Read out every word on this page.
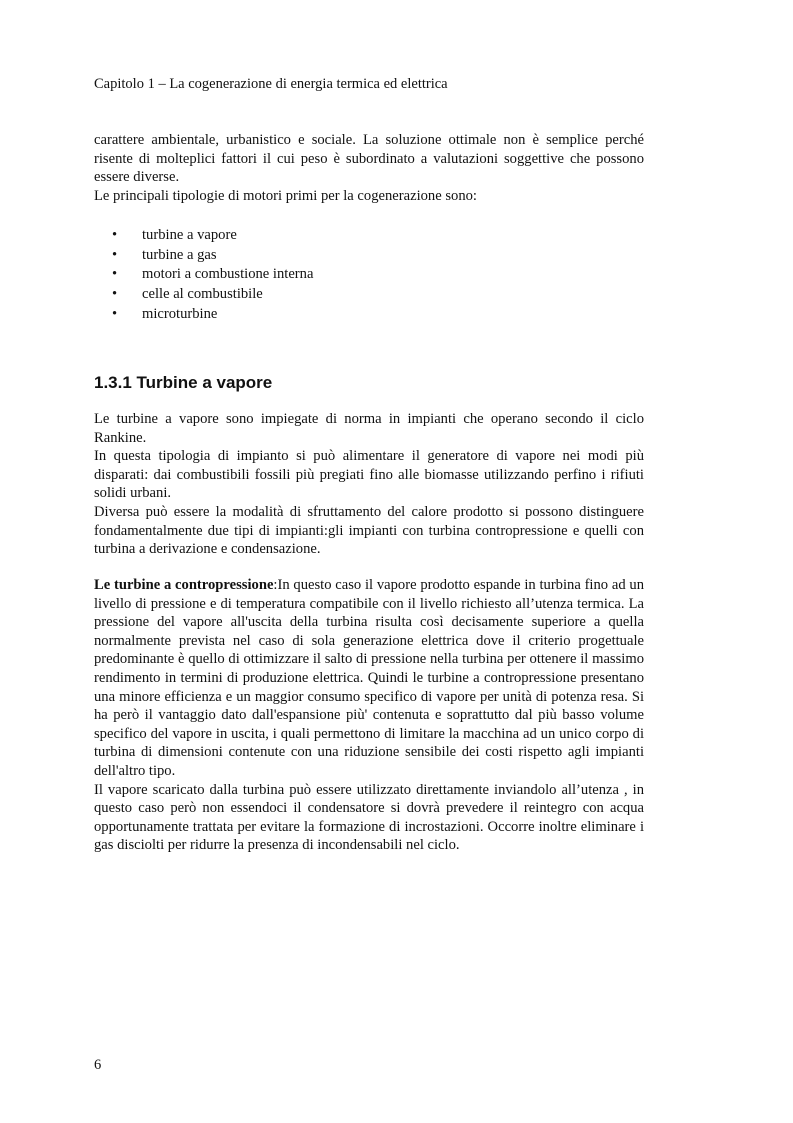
Capitolo 1 – La cogenerazione di energia termica ed elettrica

carattere ambientale, urbanistico e sociale. La soluzione ottimale non è semplice perché risente di molteplici fattori il cui peso è subordinato a valutazioni soggettive che possono essere diverse.

Le principali tipologie di motori primi per la cogenerazione sono:

• turbine a vapore
• turbine a gas
• motori a combustione interna
• celle al combustibile
• microturbine
1.3.1 Turbine a vapore

Le turbine a vapore sono impiegate di norma in impianti che operano secondo il ciclo Rankine.

In questa tipologia di impianto si può alimentare il generatore di vapore nei modi più disparati: dai combustibili fossili più pregiati fino alle biomasse utilizzando perfino i rifiuti solidi urbani.

Diversa può essere la modalità di sfruttamento del calore prodotto si possono distinguere fondamentalmente due tipi di impianti:gli impianti con turbina contropressione e quelli con turbina a derivazione e condensazione.

Le turbine a contropressione:In questo caso il vapore prodotto espande in turbina fino ad un livello di pressione e di temperatura compatibile con il livello richiesto all’utenza termica. La pressione del vapore all'uscita della turbina risulta così decisamente superiore a quella normalmente prevista nel caso di sola generazione elettrica dove il criterio progettuale predominante è quello di ottimizzare il salto di pressione nella turbina per ottenere il massimo rendimento in termini di produzione elettrica. Quindi le turbine a contropressione presentano una minore efficienza e un maggior consumo specifico di vapore per unità di potenza resa. Si ha però il vantaggio dato dall'espansione più' contenuta e soprattutto dal più basso volume specifico del vapore in uscita, i quali permettono di limitare la macchina ad un unico corpo di turbina di dimensioni contenute con una riduzione sensibile dei costi rispetto agli impianti dell'altro tipo.

Il vapore scaricato dalla turbina può essere utilizzato direttamente inviandolo all’utenza , in questo caso però non essendoci il condensatore si dovrà prevedere il reintegro con acqua opportunamente trattata per evitare la formazione di incrostazioni. Occorre inoltre eliminare i gas disciolti per ridurre la presenza di incondensabili nel ciclo.

6
